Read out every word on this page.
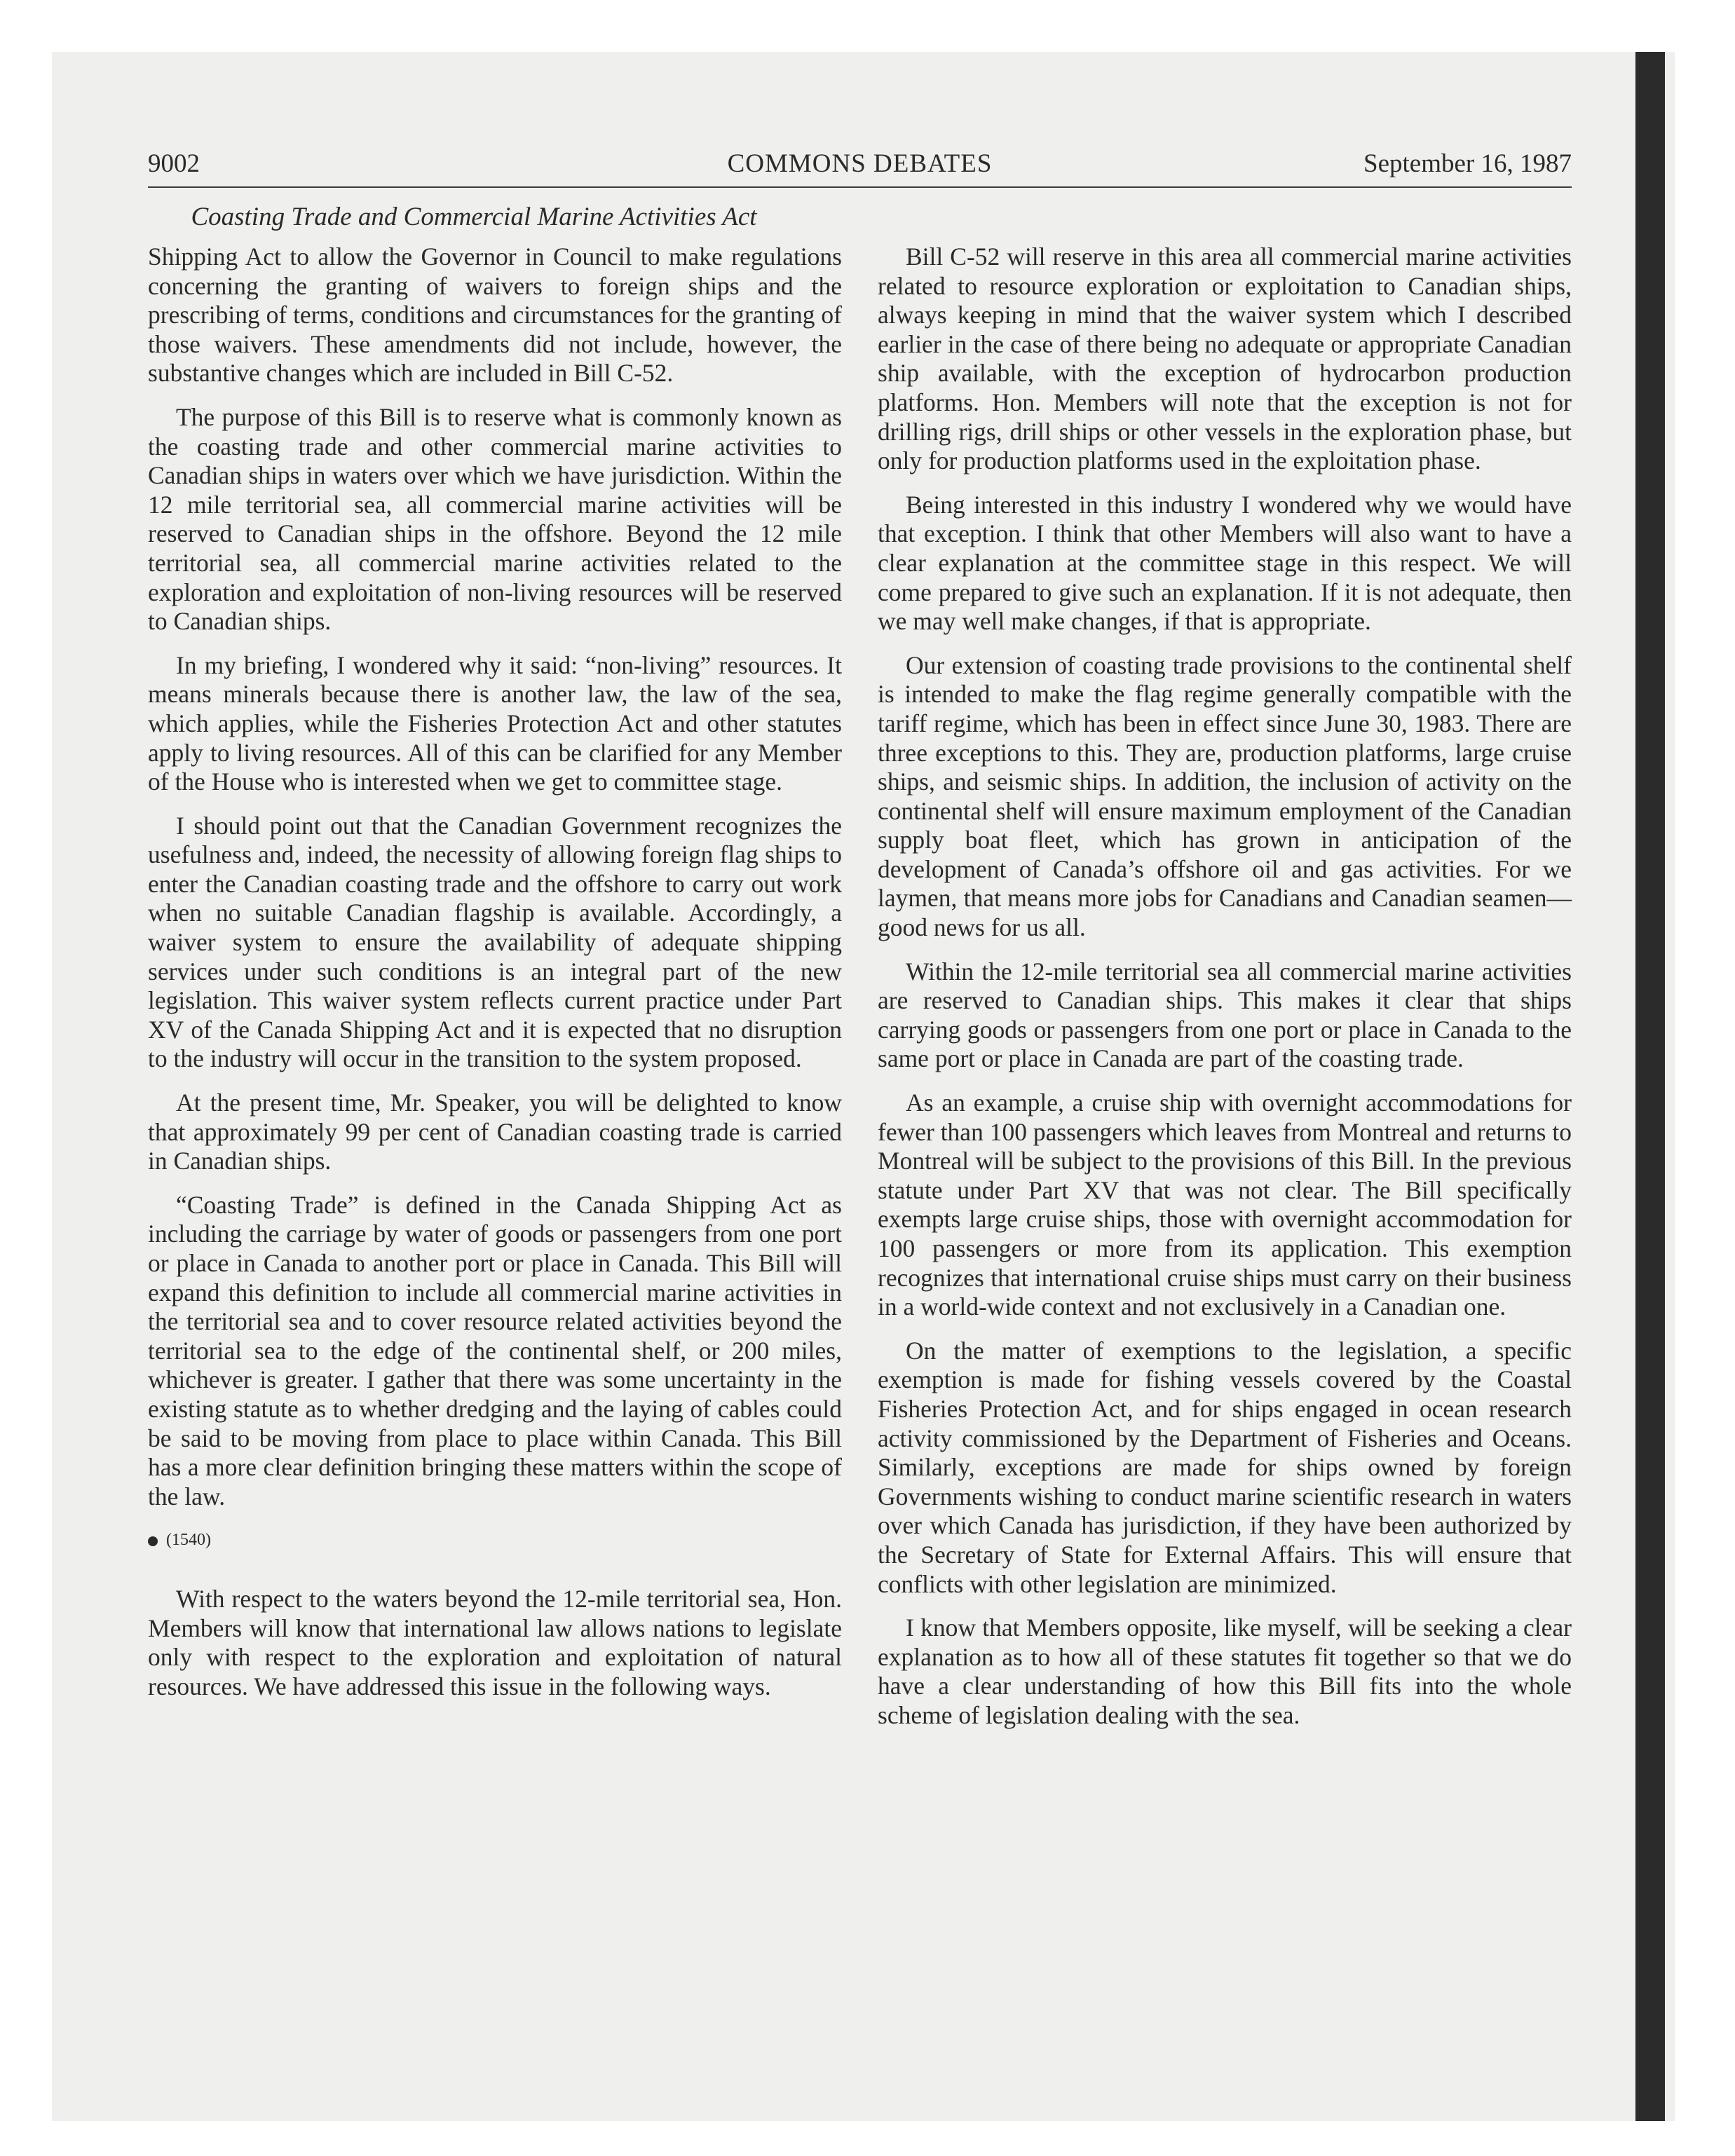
9002	COMMONS DEBATES	September 16, 1987
Coasting Trade and Commercial Marine Activities Act

Shipping Act to allow the Governor in Council to make regulations concerning the granting of waivers to foreign ships and the prescribing of terms, conditions and circumstances for the granting of those waivers. These amendments did not include, however, the substantive changes which are included in Bill C-52.

The purpose of this Bill is to reserve what is commonly known as the coasting trade and other commercial marine activities to Canadian ships in waters over which we have jurisdiction. Within the 12 mile territorial sea, all commercial marine activities will be reserved to Canadian ships in the offshore. Beyond the 12 mile territorial sea, all commercial marine activities related to the exploration and exploitation of non-living resources will be reserved to Canadian ships.

In my briefing, I wondered why it said: “non-living” resources. It means minerals because there is another law, the law of the sea, which applies, while the Fisheries Protection Act and other statutes apply to living resources. All of this can be clarified for any Member of the House who is interested when we get to committee stage.

I should point out that the Canadian Government recognizes the usefulness and, indeed, the necessity of allowing foreign flag ships to enter the Canadian coasting trade and the offshore to carry out work when no suitable Canadian flagship is available. Accordingly, a waiver system to ensure the availability of adequate shipping services under such conditions is an integral part of the new legislation. This waiver system reflects current practice under Part XV of the Canada Shipping Act and it is expected that no disruption to the industry will occur in the transition to the system proposed.

At the present time, Mr. Speaker, you will be delighted to know that approximately 99 per cent of Canadian coasting trade is carried in Canadian ships.

“Coasting Trade” is defined in the Canada Shipping Act as including the carriage by water of goods or passengers from one port or place in Canada to another port or place in Canada. This Bill will expand this definition to include all commercial marine activities in the territorial sea and to cover resource related activities beyond the territorial sea to the edge of the continental shelf, or 200 miles, whichever is greater. I gather that there was some uncertainty in the existing statute as to whether dredging and the laying of cables could be said to be moving from place to place within Canada. This Bill has a more clear definition bringing these matters within the scope of the law.

(1540)

With respect to the waters beyond the 12-mile territorial sea, Hon. Members will know that international law allows nations to legislate only with respect to the exploration and exploitation of natural resources. We have addressed this issue in the following ways.

Bill C-52 will reserve in this area all commercial marine activities related to resource exploration or exploitation to Canadian ships, always keeping in mind that the waiver system which I described earlier in the case of there being no adequate or appropriate Canadian ship available, with the exception of hydrocarbon production platforms. Hon. Members will note that the exception is not for drilling rigs, drill ships or other vessels in the exploration phase, but only for production platforms used in the exploitation phase.

Being interested in this industry I wondered why we would have that exception. I think that other Members will also want to have a clear explanation at the committee stage in this respect. We will come prepared to give such an explanation. If it is not adequate, then we may well make changes, if that is appropriate.

Our extension of coasting trade provisions to the continental shelf is intended to make the flag regime generally compatible with the tariff regime, which has been in effect since June 30, 1983. There are three exceptions to this. They are, production platforms, large cruise ships, and seismic ships. In addition, the inclusion of activity on the continental shelf will ensure maximum employment of the Canadian supply boat fleet, which has grown in anticipation of the development of Canada’s offshore oil and gas activities. For we laymen, that means more jobs for Canadians and Canadian seamen—good news for us all.

Within the 12-mile territorial sea all commercial marine activities are reserved to Canadian ships. This makes it clear that ships carrying goods or passengers from one port or place in Canada to the same port or place in Canada are part of the coasting trade.

As an example, a cruise ship with overnight accommodations for fewer than 100 passengers which leaves from Montreal and returns to Montreal will be subject to the provisions of this Bill. In the previous statute under Part XV that was not clear. The Bill specifically exempts large cruise ships, those with overnight accommodation for 100 passengers or more from its application. This exemption recognizes that international cruise ships must carry on their business in a world-wide context and not exclusively in a Canadian one.

On the matter of exemptions to the legislation, a specific exemption is made for fishing vessels covered by the Coastal Fisheries Protection Act, and for ships engaged in ocean research activity commissioned by the Department of Fisheries and Oceans. Similarly, exceptions are made for ships owned by foreign Governments wishing to conduct marine scientific research in waters over which Canada has jurisdiction, if they have been authorized by the Secretary of State for External Affairs. This will ensure that conflicts with other legislation are minimized.

I know that Members opposite, like myself, will be seeking a clear explanation as to how all of these statutes fit together so that we do have a clear understanding of how this Bill fits into the whole scheme of legislation dealing with the sea.
